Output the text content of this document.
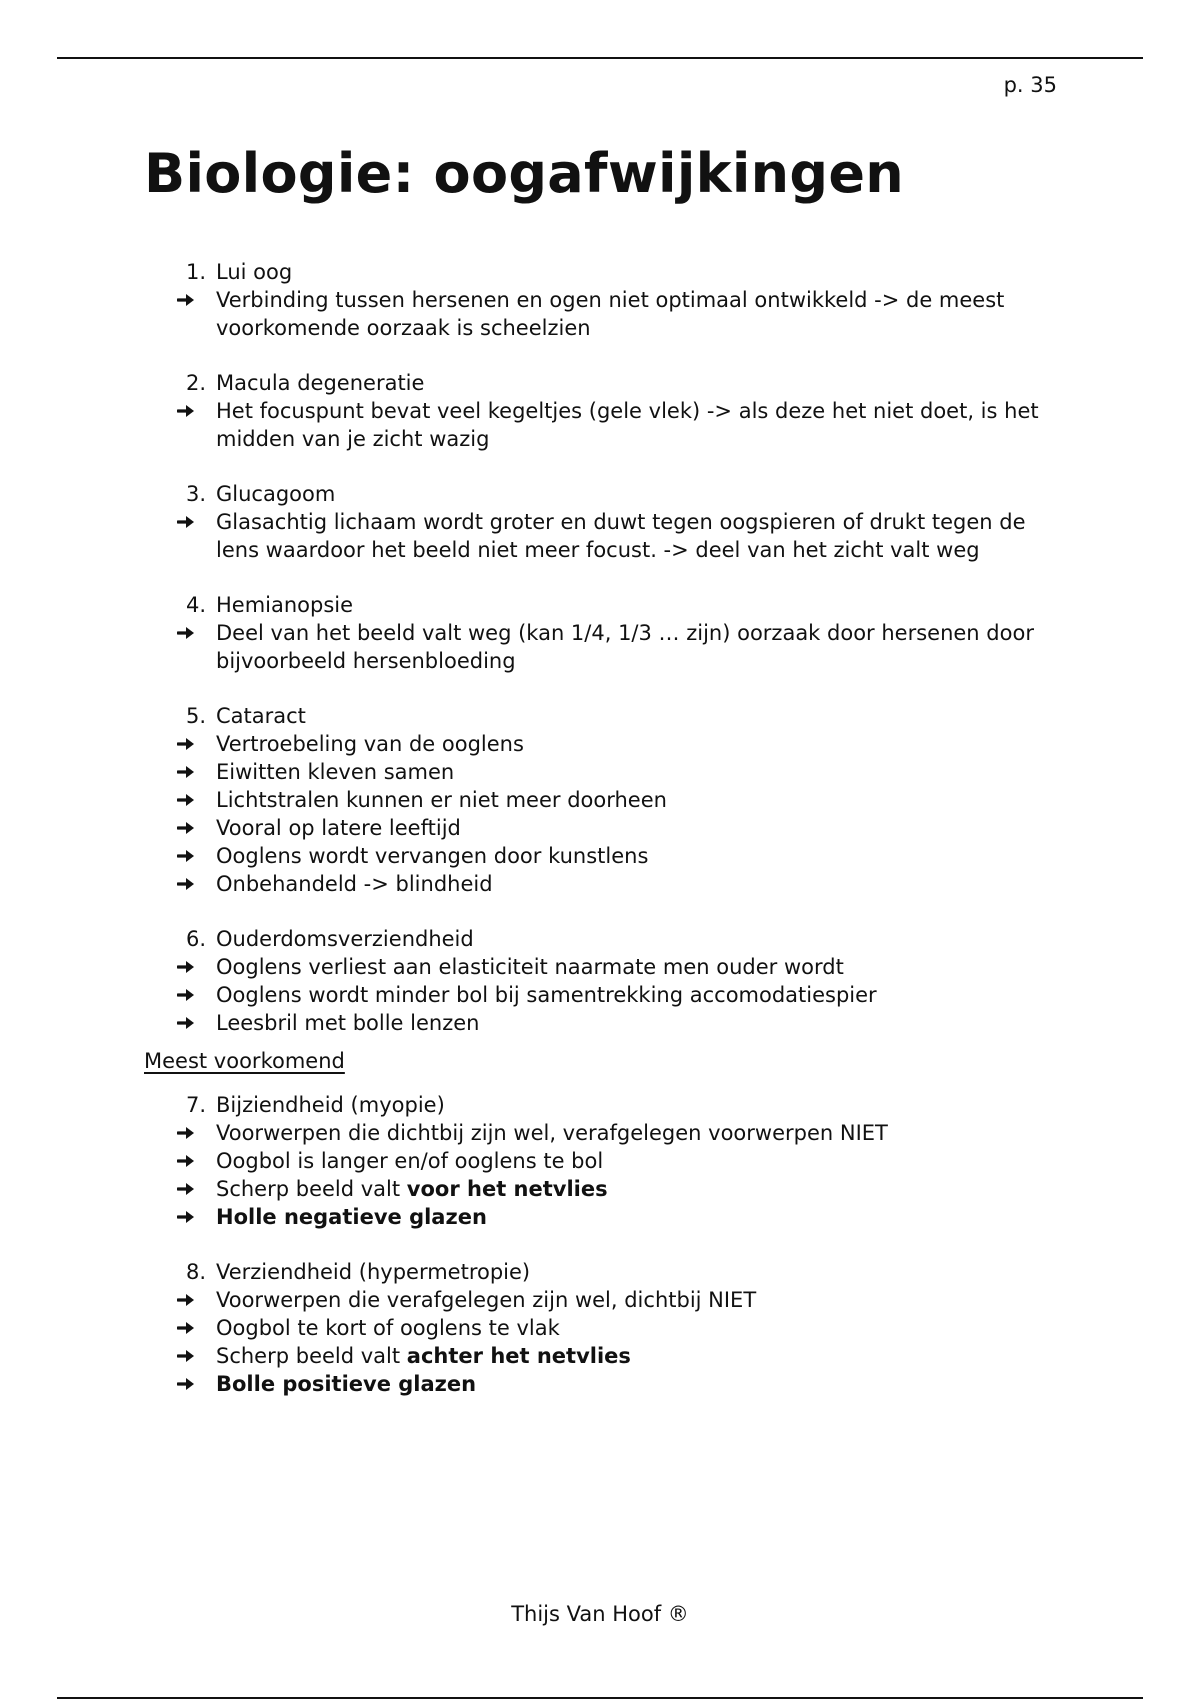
p. 35
Biologie: oogafwijkingen
1. Lui oog
Verbinding tussen hersenen en ogen niet optimaal ontwikkeld -> de meest voorkomende oorzaak is scheelzien
2. Macula degeneratie
Het focuspunt bevat veel kegeltjes (gele vlek) -> als deze het niet doet, is het midden van je zicht wazig
3. Glucagoom
Glasachtig lichaam wordt groter en duwt tegen oogspieren of drukt tegen de lens waardoor het beeld niet meer focust. -> deel van het zicht valt weg
4. Hemianopsie
Deel van het beeld valt weg (kan 1/4, 1/3 … zijn) oorzaak door hersenen door bijvoorbeeld hersenbloeding
5. Cataract
Vertroebeling van de ooglens
Eiwitten kleven samen
Lichtstralen kunnen er niet meer doorheen
Vooral op latere leeftijd
Ooglens wordt vervangen door kunstlens
Onbehandeld -> blindheid
6. Ouderdomsverziendheid
Ooglens verliest aan elasticiteit naarmate men ouder wordt
Ooglens wordt minder bol bij samentrekking accomodatiespier
Leesbril met bolle lenzen
Meest voorkomend
7. Bijziendheid (myopie)
Voorwerpen die dichtbij zijn wel, verafgelegen voorwerpen NIET
Oogbol is langer en/of ooglens te bol
Scherp beeld valt voor het netvlies
Holle negatieve glazen
8. Verziendheid (hypermetropie)
Voorwerpen die verafgelegen zijn wel, dichtbij NIET
Oogbol te kort of ooglens te vlak
Scherp beeld valt achter het netvlies
Bolle positieve glazen
Thijs Van Hoof ®
